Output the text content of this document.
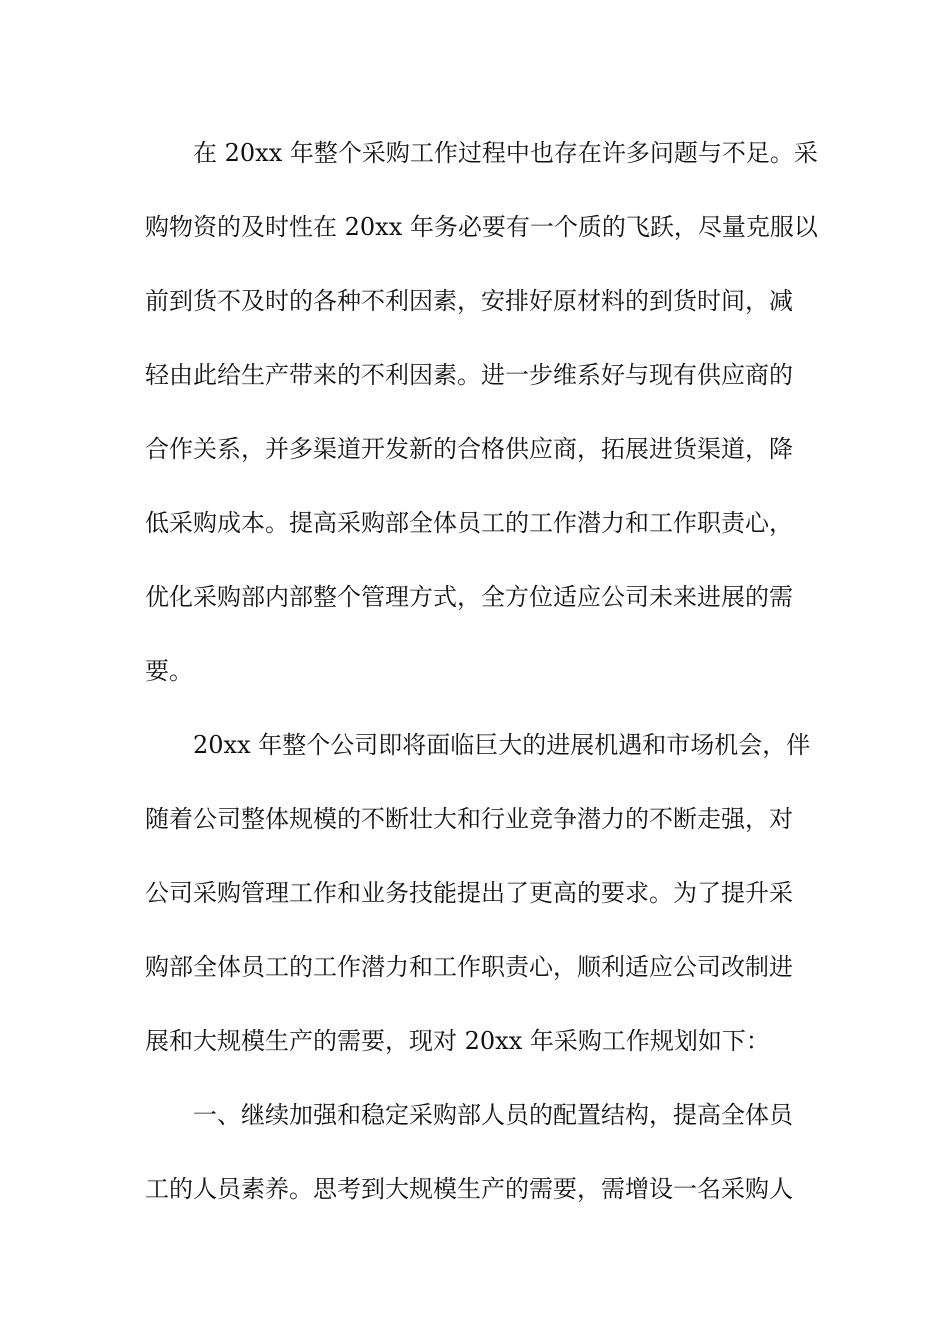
在 20xx 年整个采购工作过程中也存在许多问题与不足。采
购物资的及时性在 20xx 年务必要有一个质的飞跃，尽量克服以
前到货不及时的各种不利因素，安排好原材料的到货时间，减
轻由此给生产带来的不利因素。进一步维系好与现有供应商的
合作关系，并多渠道开发新的合格供应商，拓展进货渠道，降
低采购成本。提高采购部全体员工的工作潜力和工作职责心，
优化采购部内部整个管理方式，全方位适应公司未来进展的需
要。
20xx 年整个公司即将面临巨大的进展机遇和市场机会，伴
随着公司整体规模的不断壮大和行业竞争潜力的不断走强，对
公司采购管理工作和业务技能提出了更高的要求。为了提升采
购部全体员工的工作潜力和工作职责心，顺利适应公司改制进
展和大规模生产的需要，现对 20xx 年采购工作规划如下：
一、继续加强和稳定采购部人员的配置结构，提高全体员
工的人员素养。思考到大规模生产的需要，需增设一名采购人
